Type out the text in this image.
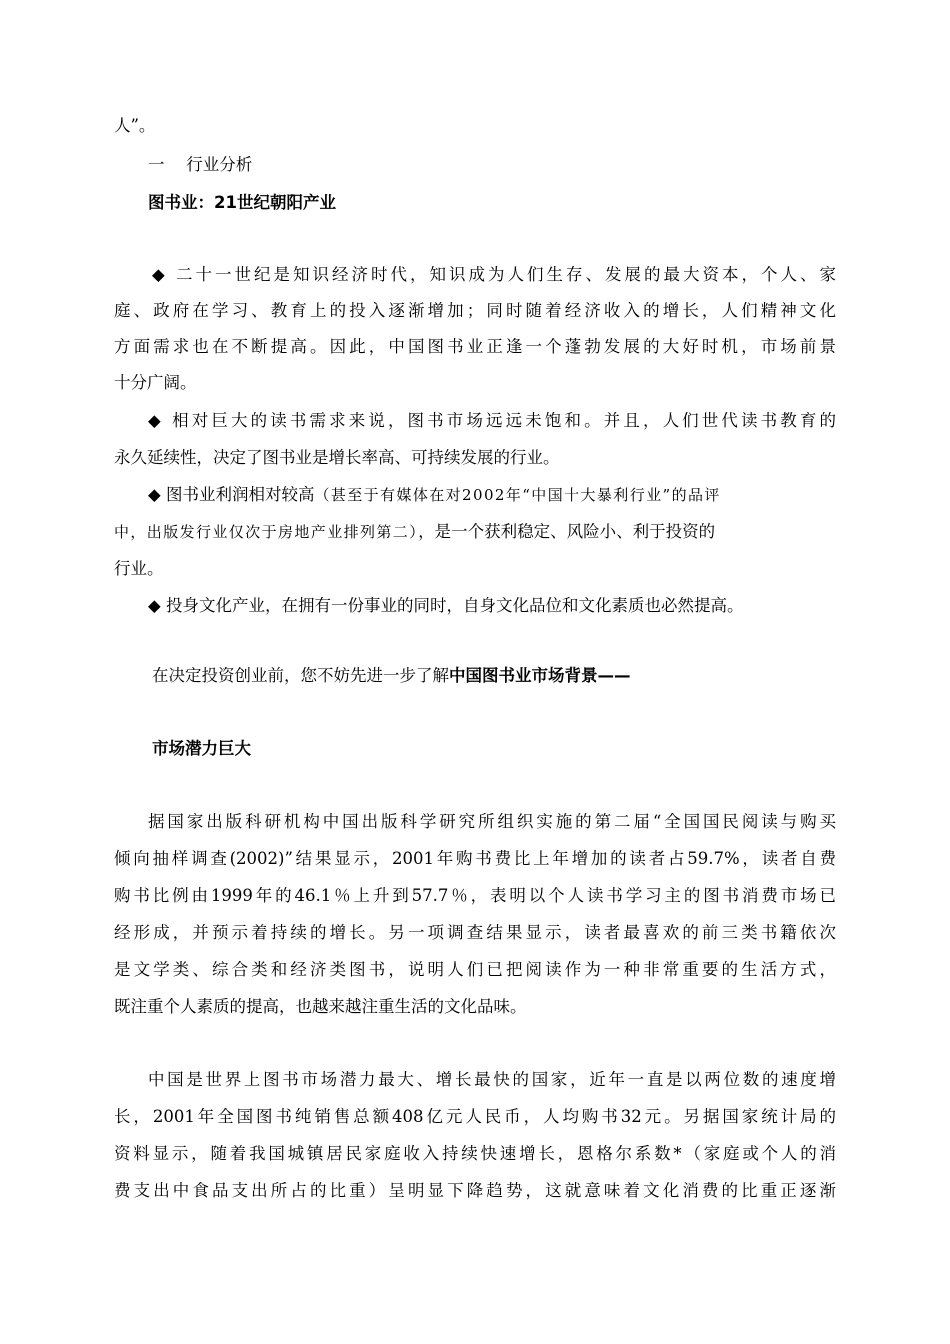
人”。
一　 行业分析
图书业：21世纪朝阳产业
◆ 二十一世纪是知识经济时代，知识成为人们生存、发展的最大资本，个人、家
庭、政府在学习、教育上的投入逐渐增加；同时随着经济收入的增长，人们精神文化
方面需求也在不断提高。因此，中国图书业正逢一个蓬勃发展的大好时机，市场前景
十分广阔。
◆ 相对巨大的读书需求来说，图书市场远远未饱和。并且，人们世代读书教育的
永久延续性，决定了图书业是增长率高、可持续发展的行业。
◆ 图书业利润相对较高（甚至于有媒体在对2002年“中国十大暴利行业”的品评
中，出版发行业仅次于房地产业排列第二），是一个获利稳定、风险小、利于投资的
行业。
◆ 投身文化产业，在拥有一份事业的同时，自身文化品位和文化素质也必然提高。
在决定投资创业前，您不妨先进一步了解中国图书业市场背景——
市场潜力巨大
据国家出版科研机构中国出版科学研究所组织实施的第二届“全国国民阅读与购买
倾向抽样调查(2002)”结果显示，2001年购书费比上年增加的读者占59.7%，读者自费
购书比例由1999年的46.1％上升到57.7％，表明以个人读书学习主的图书消费市场已
经形成，并预示着持续的增长。另一项调查结果显示，读者最喜欢的前三类书籍依次
是文学类、综合类和经济类图书，说明人们已把阅读作为一种非常重要的生活方式，
既注重个人素质的提高，也越来越注重生活的文化品味。
中国是世界上图书市场潜力最大、增长最快的国家，近年一直是以两位数的速度增
长，2001年全国图书纯销售总额408亿元人民币，人均购书32元。另据国家统计局的
资料显示，随着我国城镇居民家庭收入持续快速增长，恩格尔系数*（家庭或个人的消
费支出中食品支出所占的比重）呈明显下降趋势，这就意味着文化消费的比重正逐渐
